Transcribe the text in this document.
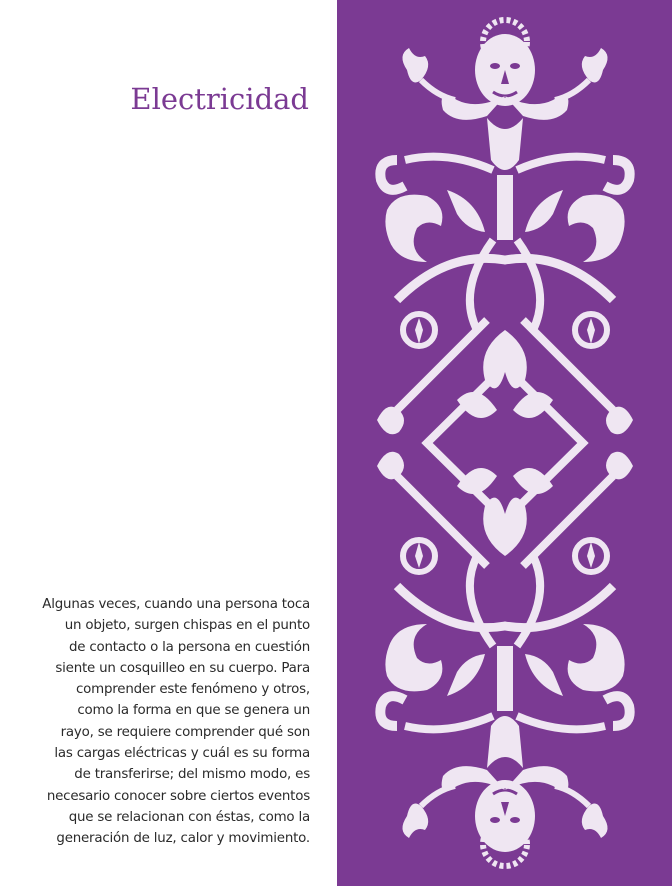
Electricidad
Algunas veces, cuando una persona toca
un objeto, surgen chispas en el punto
de contacto o la persona en cuestión
siente un cosquilleo en su cuerpo. Para
comprender este fenómeno y otros,
como la forma en que se genera un
rayo, se requiere comprender qué son
las cargas eléctricas y cuál es su forma
de transferirse; del mismo modo, es
necesario conocer sobre ciertos eventos
que se relacionan con éstas, como la
generación de luz, calor y movimiento.
